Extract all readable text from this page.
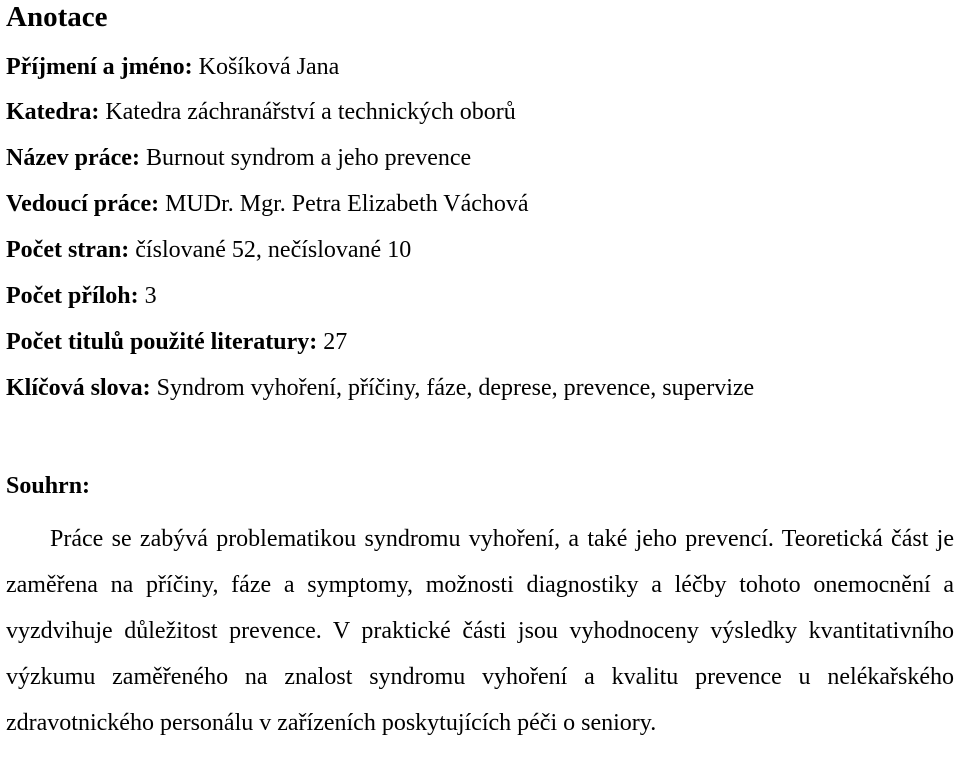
Anotace
Příjmení a jméno: Košíková Jana
Katedra: Katedra záchranářství a technických oborů
Název práce: Burnout syndrom a jeho prevence
Vedoucí práce: MUDr. Mgr. Petra Elizabeth Váchová
Počet stran: číslované 52, nečíslované 10
Počet příloh: 3
Počet titulů použité literatury: 27
Klíčová slova: Syndrom vyhoření, příčiny, fáze, deprese, prevence, supervize
Souhrn:

Práce se zabývá problematikou syndromu vyhoření, a také jeho prevencí. Teoretická část je zaměřena na příčiny, fáze a symptomy, možnosti diagnostiky a léčby tohoto onemocnění a vyzdvihuje důležitost prevence. V praktické části jsou vyhodnoceny výsledky kvantitativního výzkumu zaměřeného na znalost syndromu vyhoření a kvalitu prevence u nelékařského zdravotnického personálu v zařízeních poskytujících péči o seniory.
